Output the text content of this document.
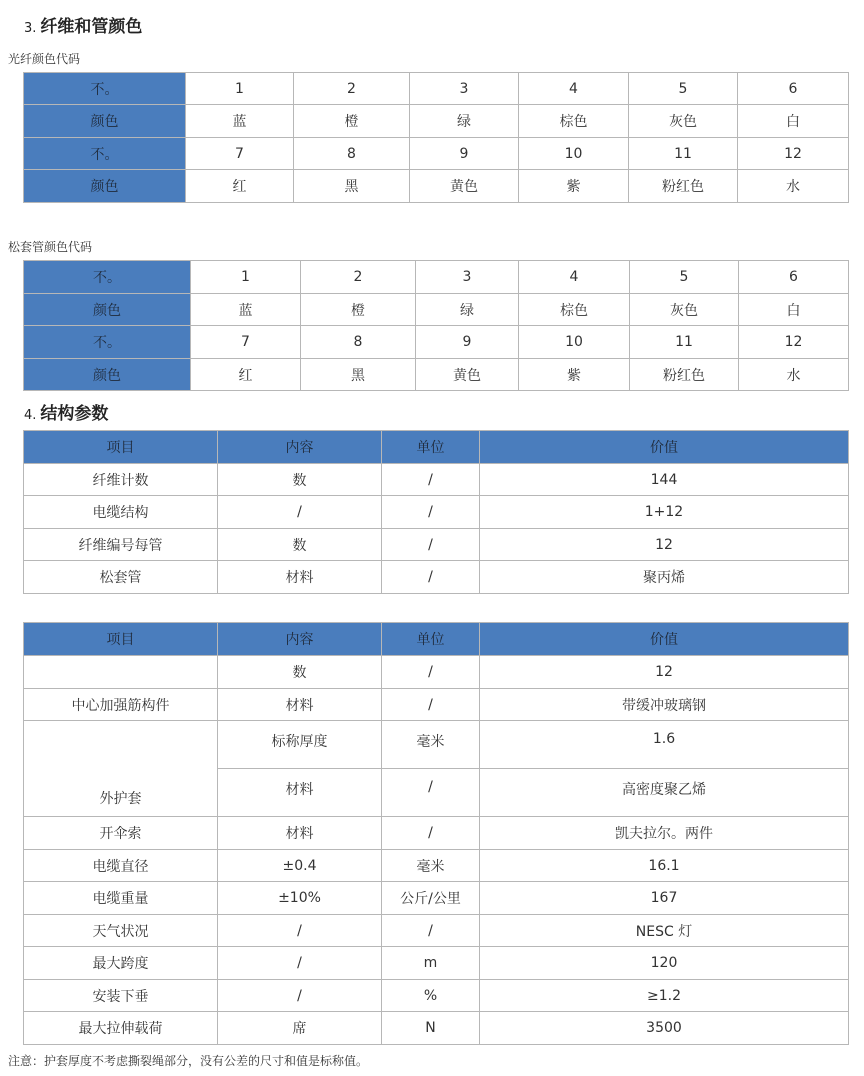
3. 纤维和管颜色
光纤颜色代码
不。	1	2	3	4	5	6
颜色	蓝	橙	绿	棕色	灰色	白
不。	7	8	9	10	11	12
颜色	红	黑	黄色	紫	粉红色	水
松套管颜色代码
不。	1	2	3	4	5	6
颜色	蓝	橙	绿	棕色	灰色	白
不。	7	8	9	10	11	12
颜色	红	黑	黄色	紫	粉红色	水
4. 结构参数
项目	内容	单位	价值
纤维计数	数	/	144
电缆结构	/	/	1+12
纤维编号每管	数	/	12
松套管	材料	/	聚丙烯
项目	内容	单位	价值
	数	/	12
中心加强筋构件	材料	/	带缓冲玻璃钢
外护套	标称厚度	毫米	1.6
	材料	/	高密度聚乙烯
开伞索	材料	/	凯夫拉尔。两件
电缆直径	±0.4	毫米	16.1
电缆重量	±10%	公斤/公里	167
天气状况	/	/	NESC 灯
最大跨度	/	m	120
安装下垂	/	%	≥1.2
最大拉伸载荷	席	N	3500
注意：护套厚度不考虑撕裂绳部分，没有公差的尺寸和值是标称值。
